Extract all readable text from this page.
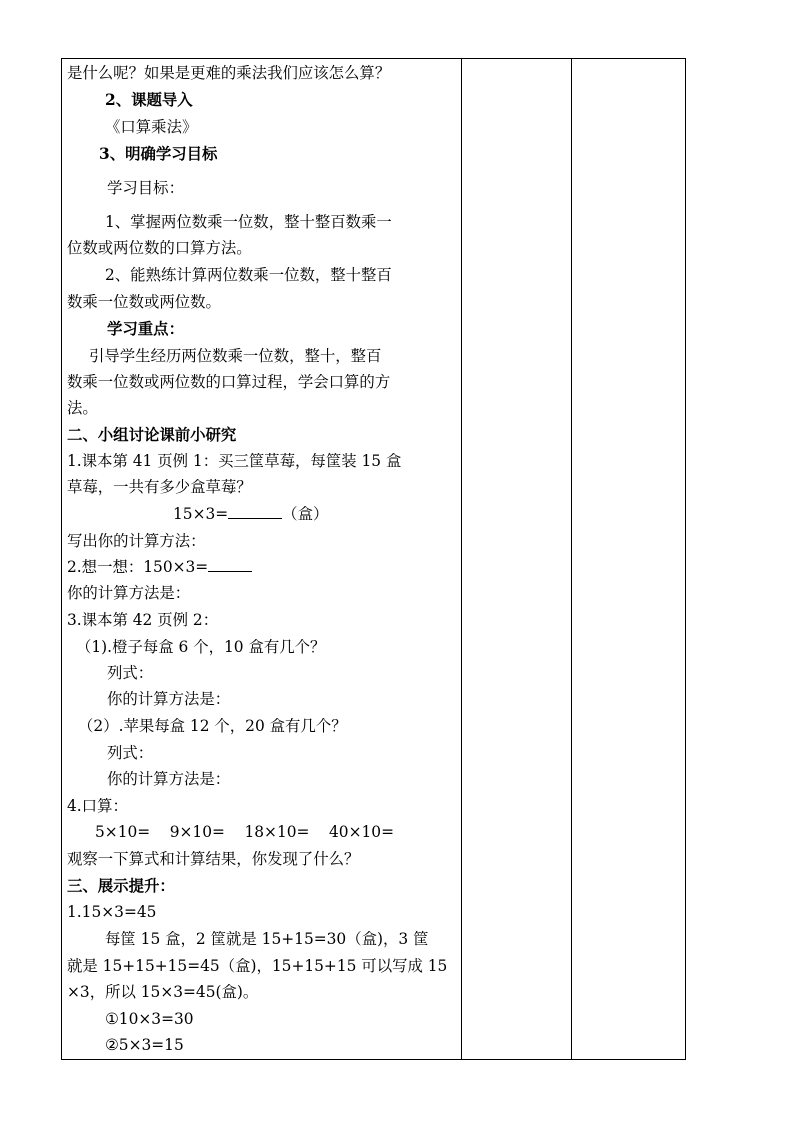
是什么呢？如果是更难的乘法我们应该怎么算？
2、课题导入
《口算乘法》
3、明确学习目标
学习目标：
1、掌握两位数乘一位数，整十整百数乘一
位数或两位数的口算方法。
2、能熟练计算两位数乘一位数，整十整百
数乘一位数或两位数。
学习重点：
引导学生经历两位数乘一位数，整十，整百
数乘一位数或两位数的口算过程，学会口算的方
法。
二、小组讨论课前小研究
1.课本第 41 页例 1：买三筐草莓，每筐装 15 盒
草莓，一共有多少盒草莓？
15×3=	（盒）
写出你的计算方法：
2.想一想：150×3=
你的计算方法是：
3.课本第 42 页例 2：
（1).橙子每盒 6 个，10 盒有几个？
列式：
你的计算方法是：
（2）.苹果每盒 12 个，20 盒有几个？
列式：
你的计算方法是：
4.口算：
5×10=    9×10=    18×10=    40×10=
观察一下算式和计算结果，你发现了什么？
三、展示提升：
1.15×3=45
每筐 15 盒，2 筐就是 15+15=30（盒)，3 筐
就是 15+15+15=45（盒)，15+15+15 可以写成 15
×3，所以 15×3=45(盒)。
①10×3=30
②5×3=15
